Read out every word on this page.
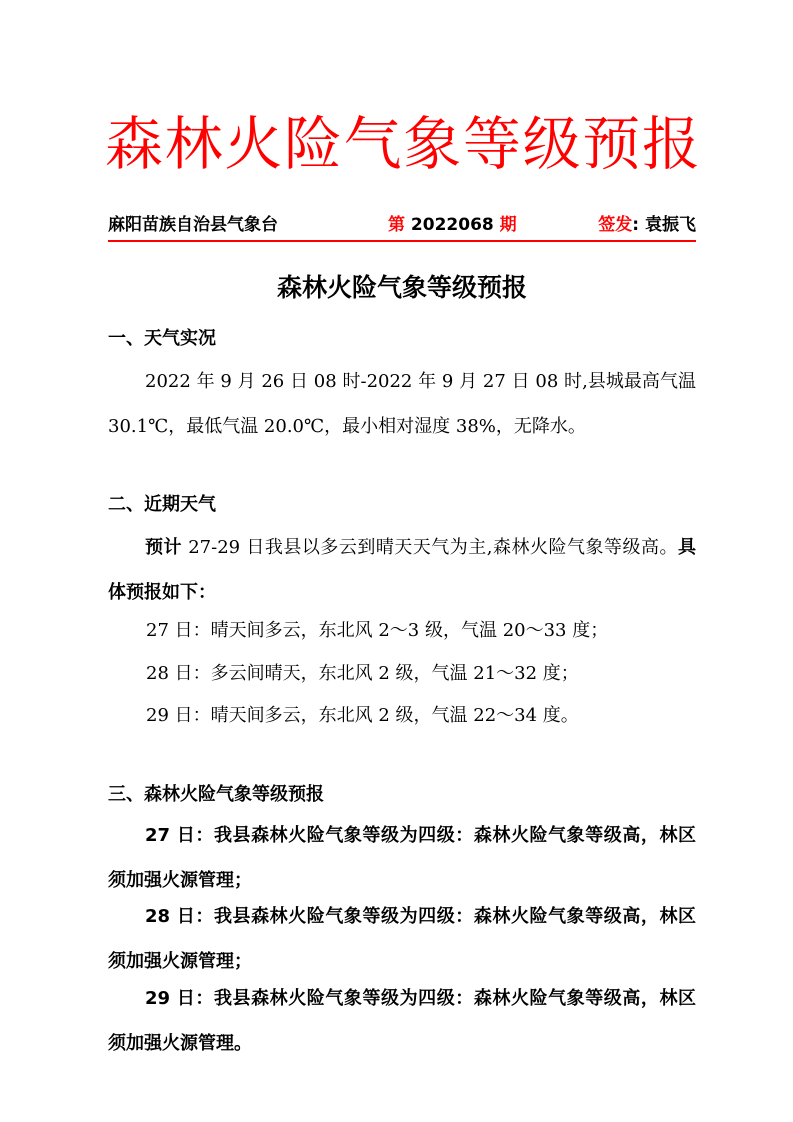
森 林 火 险 气 象 等 级 预 报
麻阳苗族自治县气象台	第 2022068 期	签发: 袁振飞
森林火险气象等级预报
一、天气实况
2022 年 9 月 26 日 08 时-2022 年 9 月 27 日 08 时,县城最高气温 30.1℃，最低气温 20.0℃，最小相对湿度 38%，无降水。
二、近期天气
预计 27-29 日我县以多云到晴天天气为主,森林火险气象等级高。具体预报如下：
27 日：晴天间多云，东北风 2～3 级，气温 20～33 度；
28 日：多云间晴天，东北风 2 级，气温 21～32 度；
29 日：晴天间多云，东北风 2 级，气温 22～34 度。
三、森林火险气象等级预报
27 日：我县森林火险气象等级为四级：森林火险气象等级高，林区须加强火源管理；
28 日：我县森林火险气象等级为四级：森林火险气象等级高，林区须加强火源管理；
29 日：我县森林火险气象等级为四级：森林火险气象等级高，林区须加强火源管理。
